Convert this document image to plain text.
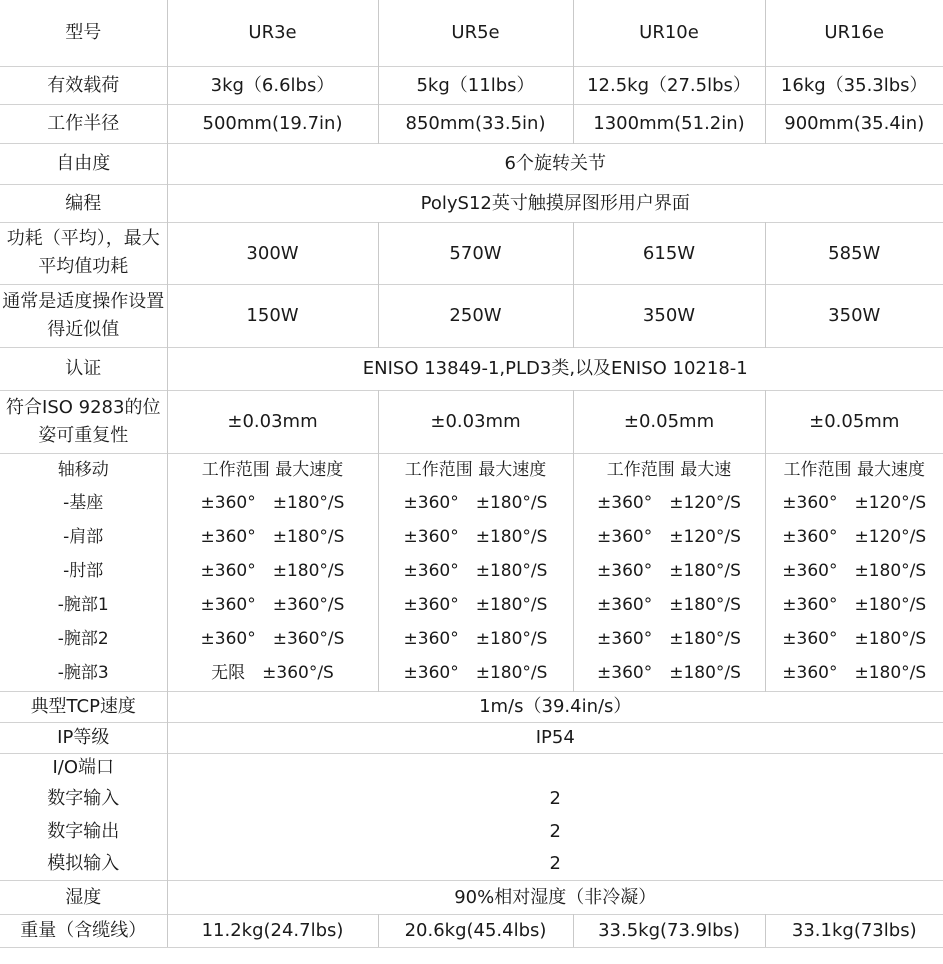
型号	UR3e	UR5e	UR10e	UR16e
有效载荷	3kg（6.6lbs）	5kg（11lbs）	12.5kg（27.5lbs）	16kg（35.3lbs）
工作半径	500mm(19.7in)	850mm(33.5in)	1300mm(51.2in)	900mm(35.4in)
自由度	6个旋转关节			
编程	PolyS12英寸触摸屏图形用户界面			
功耗（平均），最大平均值功耗	300W	570W	615W	585W
通常是适度操作设置得近似值	150W	250W	350W	350W
认证	ENISO 13849-1,PLD3类,以及ENISO 10218-1			
符合ISO 9283的位姿可重复性	±0.03mm	±0.03mm	±0.05mm	±0.05mm
轴移动	工作范围 最大速度	工作范围 最大速度	工作范围 最大速	工作范围 最大速度
-基座	±360° ±180°/S	±360° ±180°/S	±360° ±120°/S	±360° ±120°/S

-肩部	±360° ±180°/S	±360° ±180°/S	±360° ±120°/S	±360° ±120°/S

-肘部	±360° ±180°/S	±360° ±180°/S	±360° ±180°/S	±360° ±180°/S

-腕部1	±360° ±360°/S	±360° ±180°/S	±360° ±180°/S	±360° ±180°/S

-腕部2	±360° ±360°/S	±360° ±180°/S	±360° ±180°/S	±360° ±180°/S

-腕部3	无限 ±360°/S	±360° ±180°/S	±360° ±180°/S	±360° ±180°/S

典型TCP速度	1m/s（39.4in/s）			
IP等级	IP54			
I/O端口				
数字输入	2			
数字输出	2			
模拟输入	2			
湿度	90%相对湿度（非冷凝）			
重量（含缆线）	11.2kg(24.7lbs)	20.6kg(45.4lbs)	33.5kg(73.9lbs)	33.1kg(73lbs)
